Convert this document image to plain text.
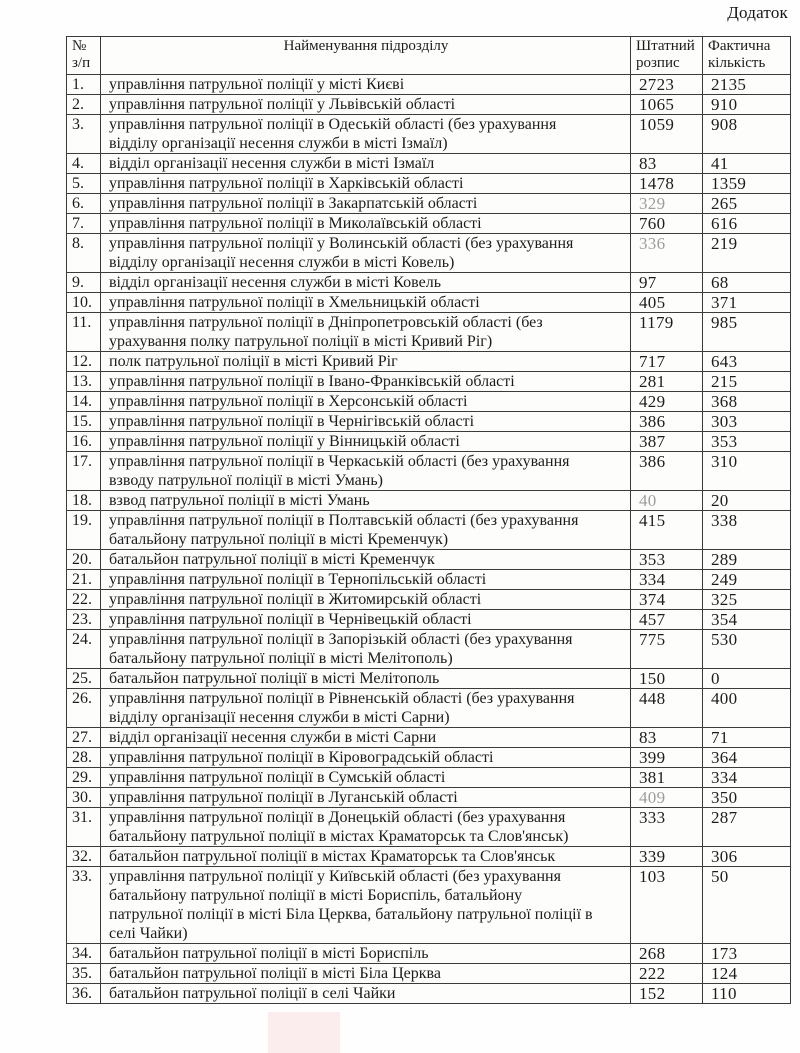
Додаток
№ з/п	Найменування підрозділу	Штатний розпис	Фактична кількість
1.	управління патрульної поліції у місті Києві	2723	2135
2.	управління патрульної поліції у Львівській області	1065	910
3.	управління патрульної поліції в Одеській області (без урахування відділу організації несення служби в місті Ізмаїл)	1059	908
4.	відділ організації несення служби в місті Ізмаїл	83	41
5.	управління патрульної поліції в Харківській області	1478	1359
6.	управління патрульної поліції в Закарпатській області	329	265
7.	управління патрульної поліції в Миколаївській області	760	616
8.	управління патрульної поліції у Волинській області (без урахування відділу організації несення служби в місті Ковель)	336	219
9.	відділ організації несення служби в місті Ковель	97	68
10.	управління патрульної поліції в Хмельницькій області	405	371
11.	управління патрульної поліції в Дніпропетровській області (без урахування полку патрульної поліції в місті Кривий Ріг)	1179	985
12.	полк патрульної поліції в місті Кривий Ріг	717	643
13.	управління патрульної поліції в Івано-Франківській області	281	215
14.	управління патрульної поліції в Херсонській області	429	368
15.	управління патрульної поліції в Чернігівській області	386	303
16.	управління патрульної поліції у Вінницькій області	387	353
17.	управління патрульної поліції в Черкаській області (без урахування взводу патрульної поліції в місті Умань)	386	310
18.	взвод патрульної поліції в місті Умань	40	20
19.	управління патрульної поліції в Полтавській області (без урахування батальйону патрульної поліції в місті Кременчук)	415	338
20.	батальйон патрульної поліції в місті Кременчук	353	289
21.	управління патрульної поліції в Тернопільській області	334	249
22.	управління патрульної поліції в Житомирській області	374	325
23.	управління патрульної поліції в Чернівецькій області	457	354
24.	управління патрульної поліції в Запорізькій області (без урахування батальйону патрульної поліції в місті Мелітополь)	775	530
25.	батальйон патрульної поліції в місті Мелітополь	150	0
26.	управління патрульної поліції в Рівненській області (без урахування відділу організації несення служби в місті Сарни)	448	400
27.	відділ організації несення служби в місті Сарни	83	71
28.	управління патрульної поліції в Кіровоградській області	399	364
29.	управління патрульної поліції в Сумській області	381	334
30.	управління патрульної поліції в Луганській області	409	350
31.	управління патрульної поліції в Донецькій області (без урахування батальйону патрульної поліції в містах Краматорськ та Слов'янськ)	333	287
32.	батальйон патрульної поліції в містах Краматорськ та Слов'янськ	339	306
33.	управління патрульної поліції у Київській області (без урахування батальйону патрульної поліції в місті Бориспіль, батальйону патрульної поліції в місті Біла Церква, батальйону патрульної поліції в селі Чайки)	103	50
34.	батальйон патрульної поліції в місті Бориспіль	268	173
35.	батальйон патрульної поліції в місті Біла Церква	222	124
36.	батальйон патрульної поліції в селі Чайки	152	110
